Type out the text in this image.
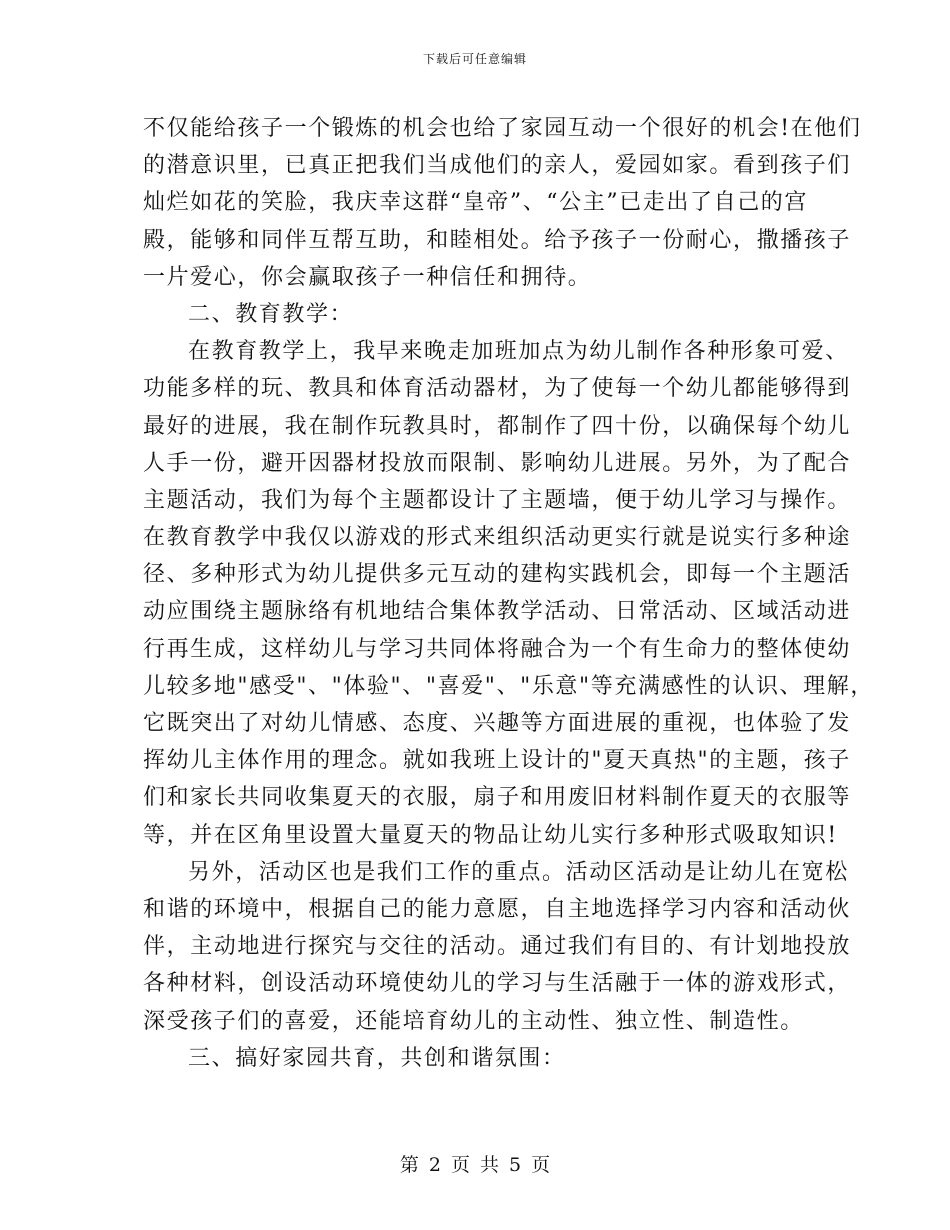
下载后可任意编辑
不仅能给孩子一个锻炼的机会也给了家园互动一个很好的机会!在他们
的潜意识里，已真正把我们当成他们的亲人，爱园如家。看到孩子们
灿烂如花的笑脸，我庆幸这群“皇帝”、“公主”已走出了自己的宫
殿，能够和同伴互帮互助，和睦相处。给予孩子一份耐心，撒播孩子
一片爱心，你会赢取孩子一种信任和拥待。
二、教育教学：
在教育教学上，我早来晚走加班加点为幼儿制作各种形象可爱、
功能多样的玩、教具和体育活动器材，为了使每一个幼儿都能够得到
最好的进展，我在制作玩教具时，都制作了四十份，以确保每个幼儿
人手一份，避开因器材投放而限制、影响幼儿进展。另外，为了配合
主题活动，我们为每个主题都设计了主题墙，便于幼儿学习与操作。
在教育教学中我仅以游戏的形式来组织活动更实行就是说实行多种途
径、多种形式为幼儿提供多元互动的建构实践机会，即每一个主题活
动应围绕主题脉络有机地结合集体教学活动、日常活动、区域活动进
行再生成，这样幼儿与学习共同体将融合为一个有生命力的整体使幼
儿较多地"感受"、"体验"、"喜爱"、"乐意"等充满感性的认识、理解，
它既突出了对幼儿情感、态度、兴趣等方面进展的重视，也体验了发
挥幼儿主体作用的理念。就如我班上设计的"夏天真热"的主题，孩子
们和家长共同收集夏天的衣服，扇子和用废旧材料制作夏天的衣服等
等，并在区角里设置大量夏天的物品让幼儿实行多种形式吸取知识!
另外，活动区也是我们工作的重点。活动区活动是让幼儿在宽松
和谐的环境中，根据自己的能力意愿，自主地选择学习内容和活动伙
伴，主动地进行探究与交往的活动。通过我们有目的、有计划地投放
各种材料，创设活动环境使幼儿的学习与生活融于一体的游戏形式，
深受孩子们的喜爱，还能培育幼儿的主动性、独立性、制造性。
三、搞好家园共育，共创和谐氛围：
第 2 页 共 5 页
